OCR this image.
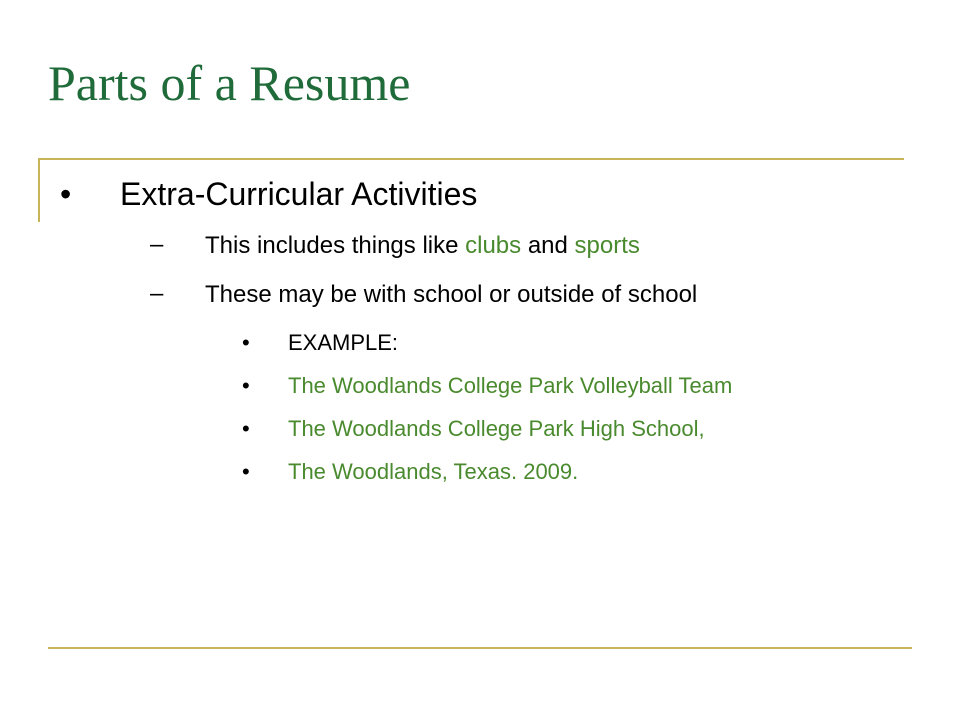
Parts of a Resume
• Extra-Curricular Activities
– This includes things like clubs and sports
– These may be with school or outside of school
• EXAMPLE:
• The Woodlands College Park Volleyball Team
• The Woodlands College Park High School,
• The Woodlands, Texas. 2009.
